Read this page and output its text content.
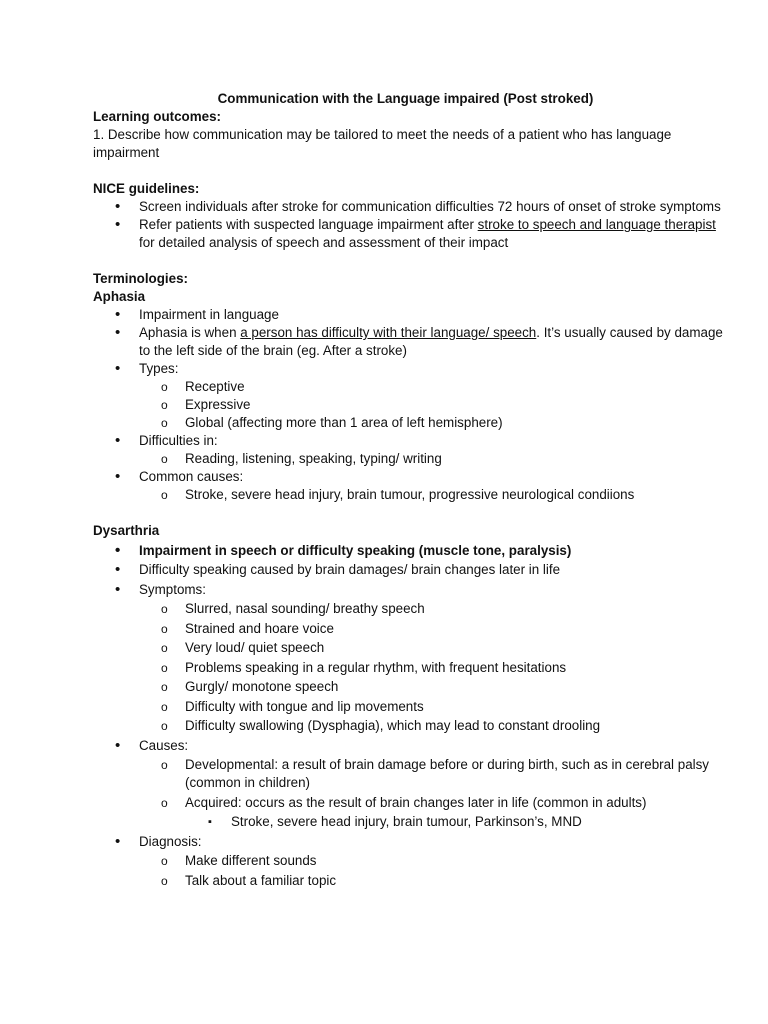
Communication with the Language impaired (Post stroked)

Learning outcomes:

1. Describe how communication may be tailored to meet the needs of a patient who has language impairment

NICE guidelines:

• Screen individuals after stroke for communication difficulties 72 hours of onset of stroke symptoms
• Refer patients with suspected language impairment after stroke to speech and language therapist for detailed analysis of speech and assessment of their impact

Terminologies:

Aphasia

• Impairment in language
• Aphasia is when a person has difficulty with their language/ speech. It’s usually caused by damage to the left side of the brain (eg. After a stroke)
• Types:
o Receptive
o Expressive
o Global (affecting more than 1 area of left hemisphere)
• Difficulties in:
o Reading, listening, speaking, typing/ writing
• Common causes:
o Stroke, severe head injury, brain tumour, progressive neurological condiions

Dysarthria

• Impairment in speech or difficulty speaking (muscle tone, paralysis)
• Difficulty speaking caused by brain damages/ brain changes later in life
• Symptoms:
o Slurred, nasal sounding/ breathy speech
o Strained and hoare voice
o Very loud/ quiet speech
o Problems speaking in a regular rhythm, with frequent hesitations
o Gurgly/ monotone speech
o Difficulty with tongue and lip movements
o Difficulty swallowing (Dysphagia), which may lead to constant drooling
• Causes:
o Developmental: a result of brain damage before or during birth, such as in cerebral palsy (common in children)
o Acquired: occurs as the result of brain changes later in life (common in adults)
▪ Stroke, severe head injury, brain tumour, Parkinson’s, MND
• Diagnosis:
o Make different sounds
o Talk about a familiar topic
